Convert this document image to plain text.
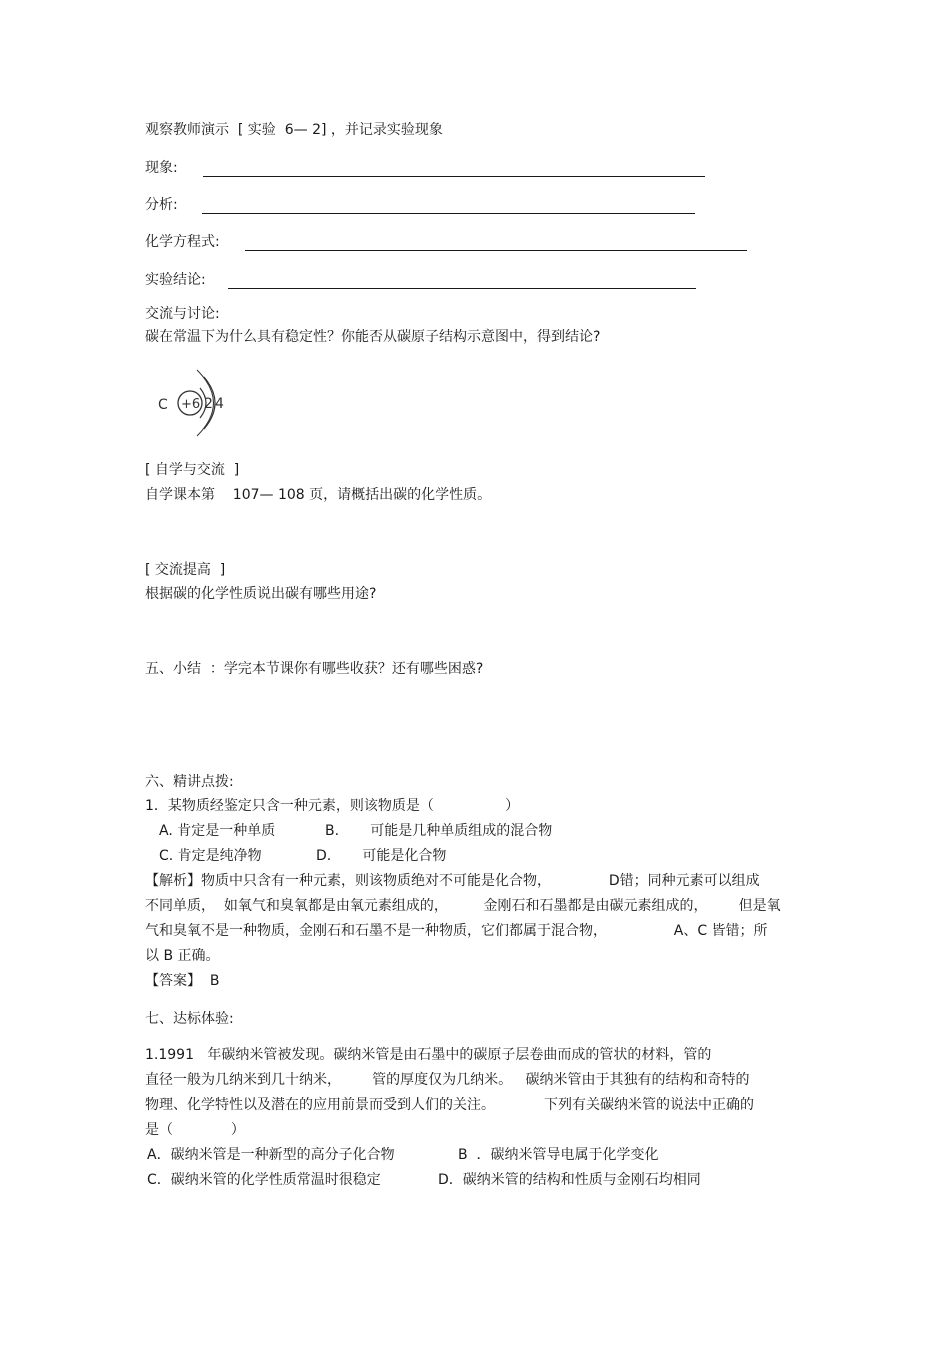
观察教师演示  [ 实验  6— 2] ，并记录实验现象
现象:
分析:
化学方程式:
实验结论:
交流与讨论:
碳在常温下为什么具有稳定性？你能否从碳原子结构示意图中，得到结论?
C +6 2 4
[ 自学与交流  ]
自学课本第    107— 108 页，请概括出碳的化学性质。
[ 交流提高  ]
根据碳的化学性质说出碳有哪些用途?
五、小结  ：学完本节课你有哪些收获？还有哪些困惑?
六、精讲点拨:
1．某物质经鉴定只含一种元素，则该物质是（                ）
A. 肯定是一种单质	B.       可能是几种单质组成的混合物
C. 肯定是纯净物	D.       可能是化合物
【解析】物质中只含有一种元素，则该物质绝对不可能是化合物，             D错；同种元素可以组成
不同单质，  如氧气和臭氧都是由氧元素组成的，        金刚石和石墨都是由碳元素组成的，       但是氧
气和臭氧不是一种物质，金刚石和石墨不是一种物质，它们都属于混合物，               A、C 皆错；所
以 B 正确。
【答案】  B
七、达标体验:
1.1991   年碳纳米管被发现。碳纳米管是由石墨中的碳原子层卷曲而成的管状的材料，管的
直径一般为几纳米到几十纳米，       管的厚度仅为几纳米。   碳纳米管由于其独有的结构和奇特的
物理、化学特性以及潜在的应用前景而受到人们的关注。           下列有关碳纳米管的说法中正确的
是（             ）
A．碳纳米管是一种新型的高分子化合物	B  ．碳纳米管导电属于化学变化
C．碳纳米管的化学性质常温时很稳定	D．碳纳米管的结构和性质与金刚石均相同
